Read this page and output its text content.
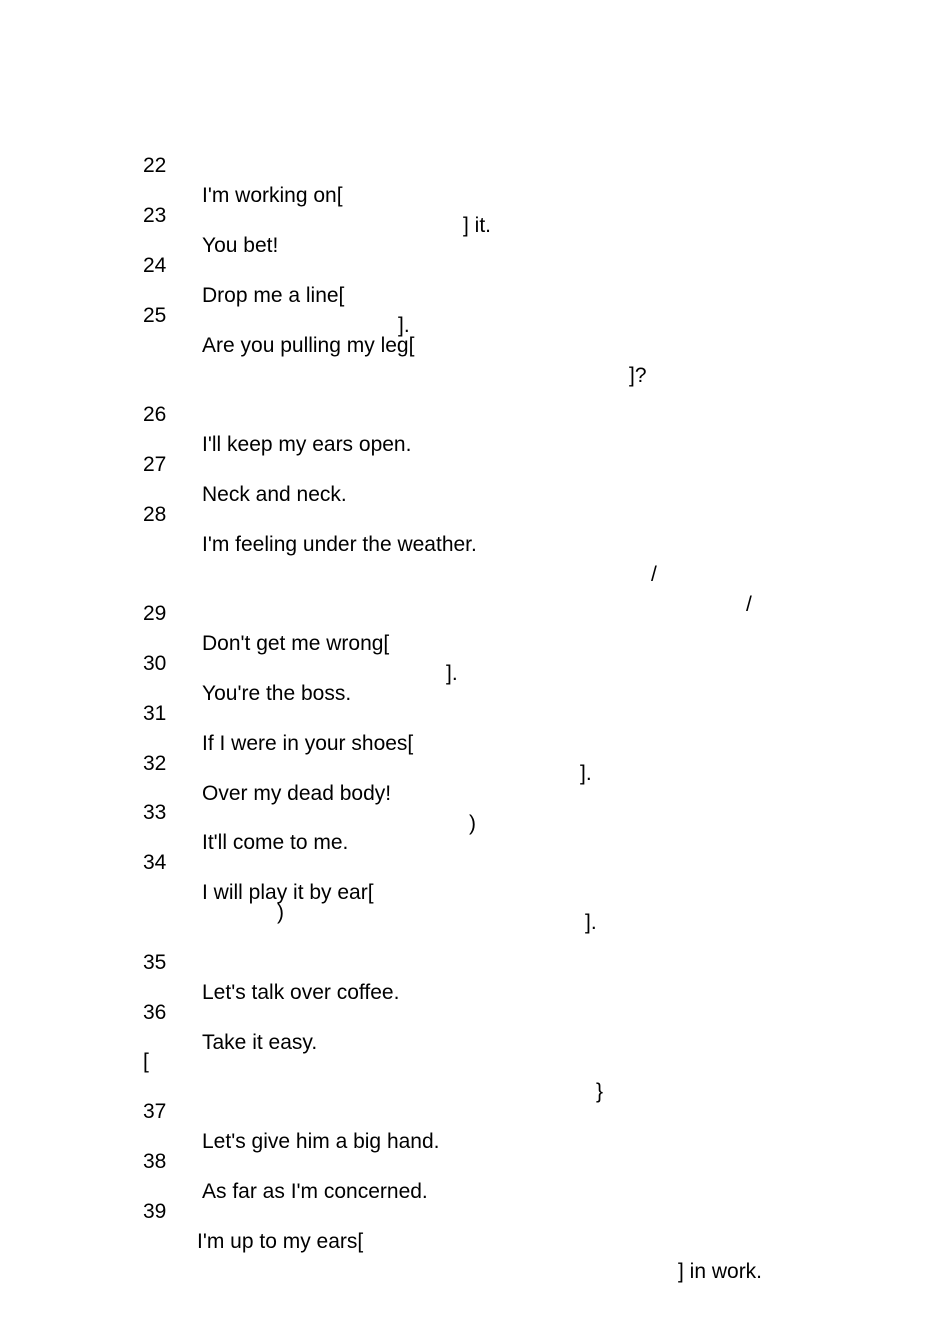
22

I'm working on[

] it.

23

You bet!

24

Drop me a line[

].

25

Are you pulling my leg[

]?

26

I'll keep my ears open.

27

Neck and neck.

28

I'm feeling under the weather.

/

/

29

Don't get me wrong[

].

30

You're the boss.

31

If I were in your shoes[

].

32

Over my dead body!

)

33

It'll come to me.

34

I will play it by ear[

].

)

35

Let's talk over coffee.

36

Take it easy.

[

}

37

Let's give him a big hand.

38

As far as I'm concerned.

39

I'm up to my ears[

] in work.
